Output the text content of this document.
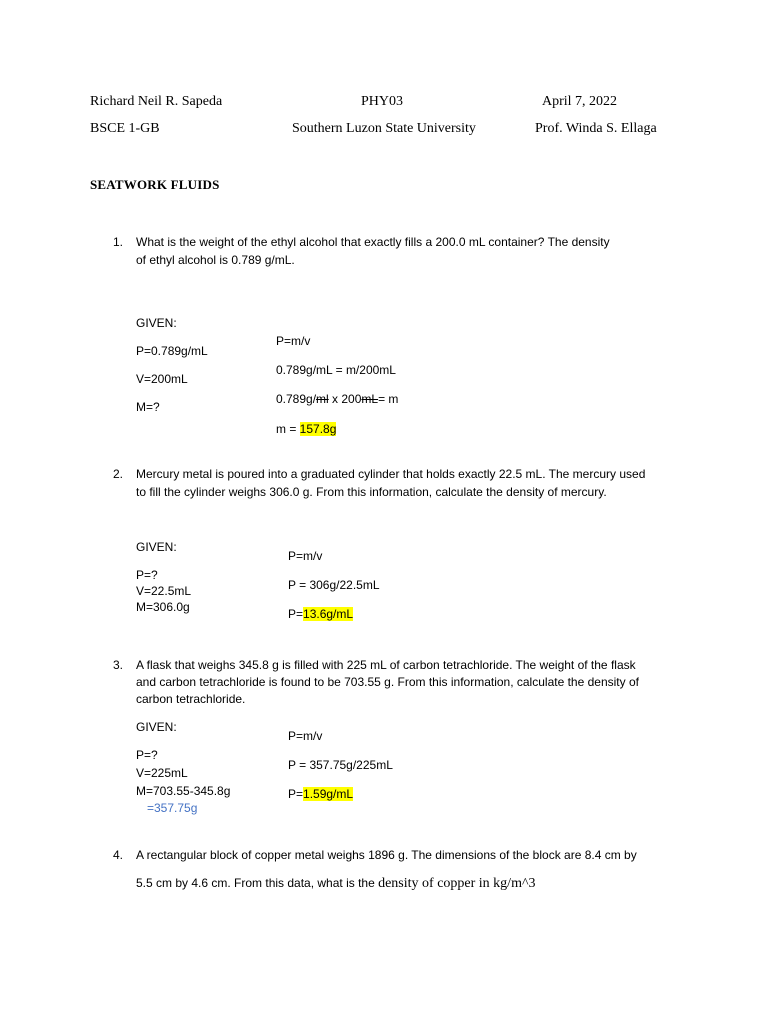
Richard Neil R. Sapeda	PHY03	April 7, 2022
BSCE 1-GB	Southern Luzon State University	Prof. Winda S. Ellaga
SEATWORK FLUIDS
1. What is the weight of the ethyl alcohol that exactly fills a 200.0 mL container? The density
of ethyl alcohol is 0.789 g/mL.
GIVEN:
P=0.789g/mL
V=200mL
M=?
P=m/v
0.789g/mL = m/200mL
0.789g/ml x 200mL= m
m = 157.8g
2. Mercury metal is poured into a graduated cylinder that holds exactly 22.5 mL. The mercury used
to fill the cylinder weighs 306.0 g. From this information, calculate the density of mercury.
GIVEN:
P=?
V=22.5mL
M=306.0g
P=m/v
P = 306g/22.5mL
P=13.6g/mL
3. A flask that weighs 345.8 g is filled with 225 mL of carbon tetrachloride. The weight of the flask
and carbon tetrachloride is found to be 703.55 g. From this information, calculate the density of
carbon tetrachloride.
GIVEN:
P=?
V=225mL
M=703.55-345.8g
=357.75g
P=m/v
P = 357.75g/225mL
P=1.59g/mL
4. A rectangular block of copper metal weighs 1896 g. The dimensions of the block are 8.4 cm by
5.5 cm by 4.6 cm. From this data, what is the density of copper in kg/m^3
